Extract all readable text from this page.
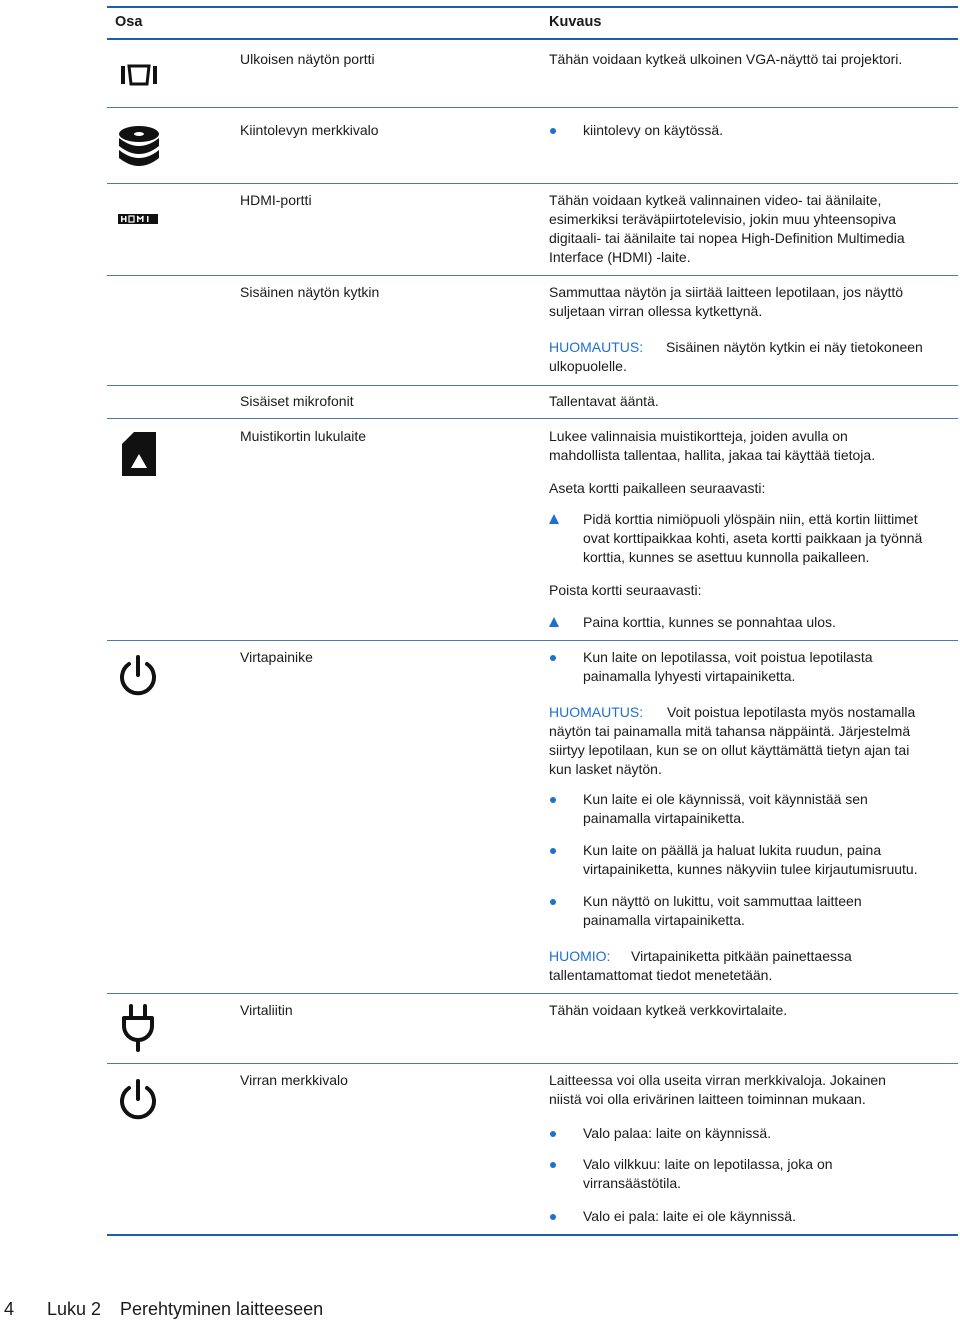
Osa	Kuvaus
Ulkoisen näytön portti	Tähän voidaan kytkeä ulkoinen VGA-näyttö tai projektori.
Kiintolevyn merkkivalo	kiintolevy on käytössä.
HDMI-portti	Tähän voidaan kytkeä valinnainen video- tai äänilaite,
esimerkiksi teräväpiirtotelevisio, jokin muu yhteensopiva
digitaali- tai äänilaite tai nopea High-Definition Multimedia
Interface (HDMI) -laite.
Sisäinen näytön kytkin	Sammuttaa näytön ja siirtää laitteen lepotilaan, jos näyttö
suljetaan virran ollessa kytkettynä.
HUOMAUTUS: Sisäinen näytön kytkin ei näy tietokoneen
ulkopuolelle.
Sisäiset mikrofonit	Tallentavat ääntä.
Muistikortin lukulaite	Lukee valinnaisia muistikortteja, joiden avulla on
mahdollista tallentaa, hallita, jakaa tai käyttää tietoja.
Aseta kortti paikalleen seuraavasti:
Pidä korttia nimiöpuoli ylöspäin niin, että kortin liittimet
ovat korttipaikkaa kohti, aseta kortti paikkaan ja työnnä
korttia, kunnes se asettuu kunnolla paikalleen.
Poista kortti seuraavasti:
Paina korttia, kunnes se ponnahtaa ulos.
Virtapainike	Kun laite on lepotilassa, voit poistua lepotilasta
painamalla lyhyesti virtapainiketta.
HUOMAUTUS: Voit poistua lepotilasta myös nostamalla
näytön tai painamalla mitä tahansa näppäintä. Järjestelmä
siirtyy lepotilaan, kun se on ollut käyttämättä tietyn ajan tai
kun lasket näytön.
Kun laite ei ole käynnissä, voit käynnistää sen
painamalla virtapainiketta.
Kun laite on päällä ja haluat lukita ruudun, paina
virtapainiketta, kunnes näkyviin tulee kirjautumisruutu.
Kun näyttö on lukittu, voit sammuttaa laitteen
painamalla virtapainiketta.
HUOMIO: Virtapainiketta pitkään painettaessa
tallentamattomat tiedot menetetään.
Virtaliitin	Tähän voidaan kytkeä verkkovirtalaite.
Virran merkkivalo	Laitteessa voi olla useita virran merkkivaloja. Jokainen
niistä voi olla erivärinen laitteen toiminnan mukaan.
Valo palaa: laite on käynnissä.
Valo vilkkuu: laite on lepotilassa, joka on
virransäästötila.
Valo ei pala: laite ei ole käynnissä.
4 Luku 2 Perehtyminen laitteeseen
